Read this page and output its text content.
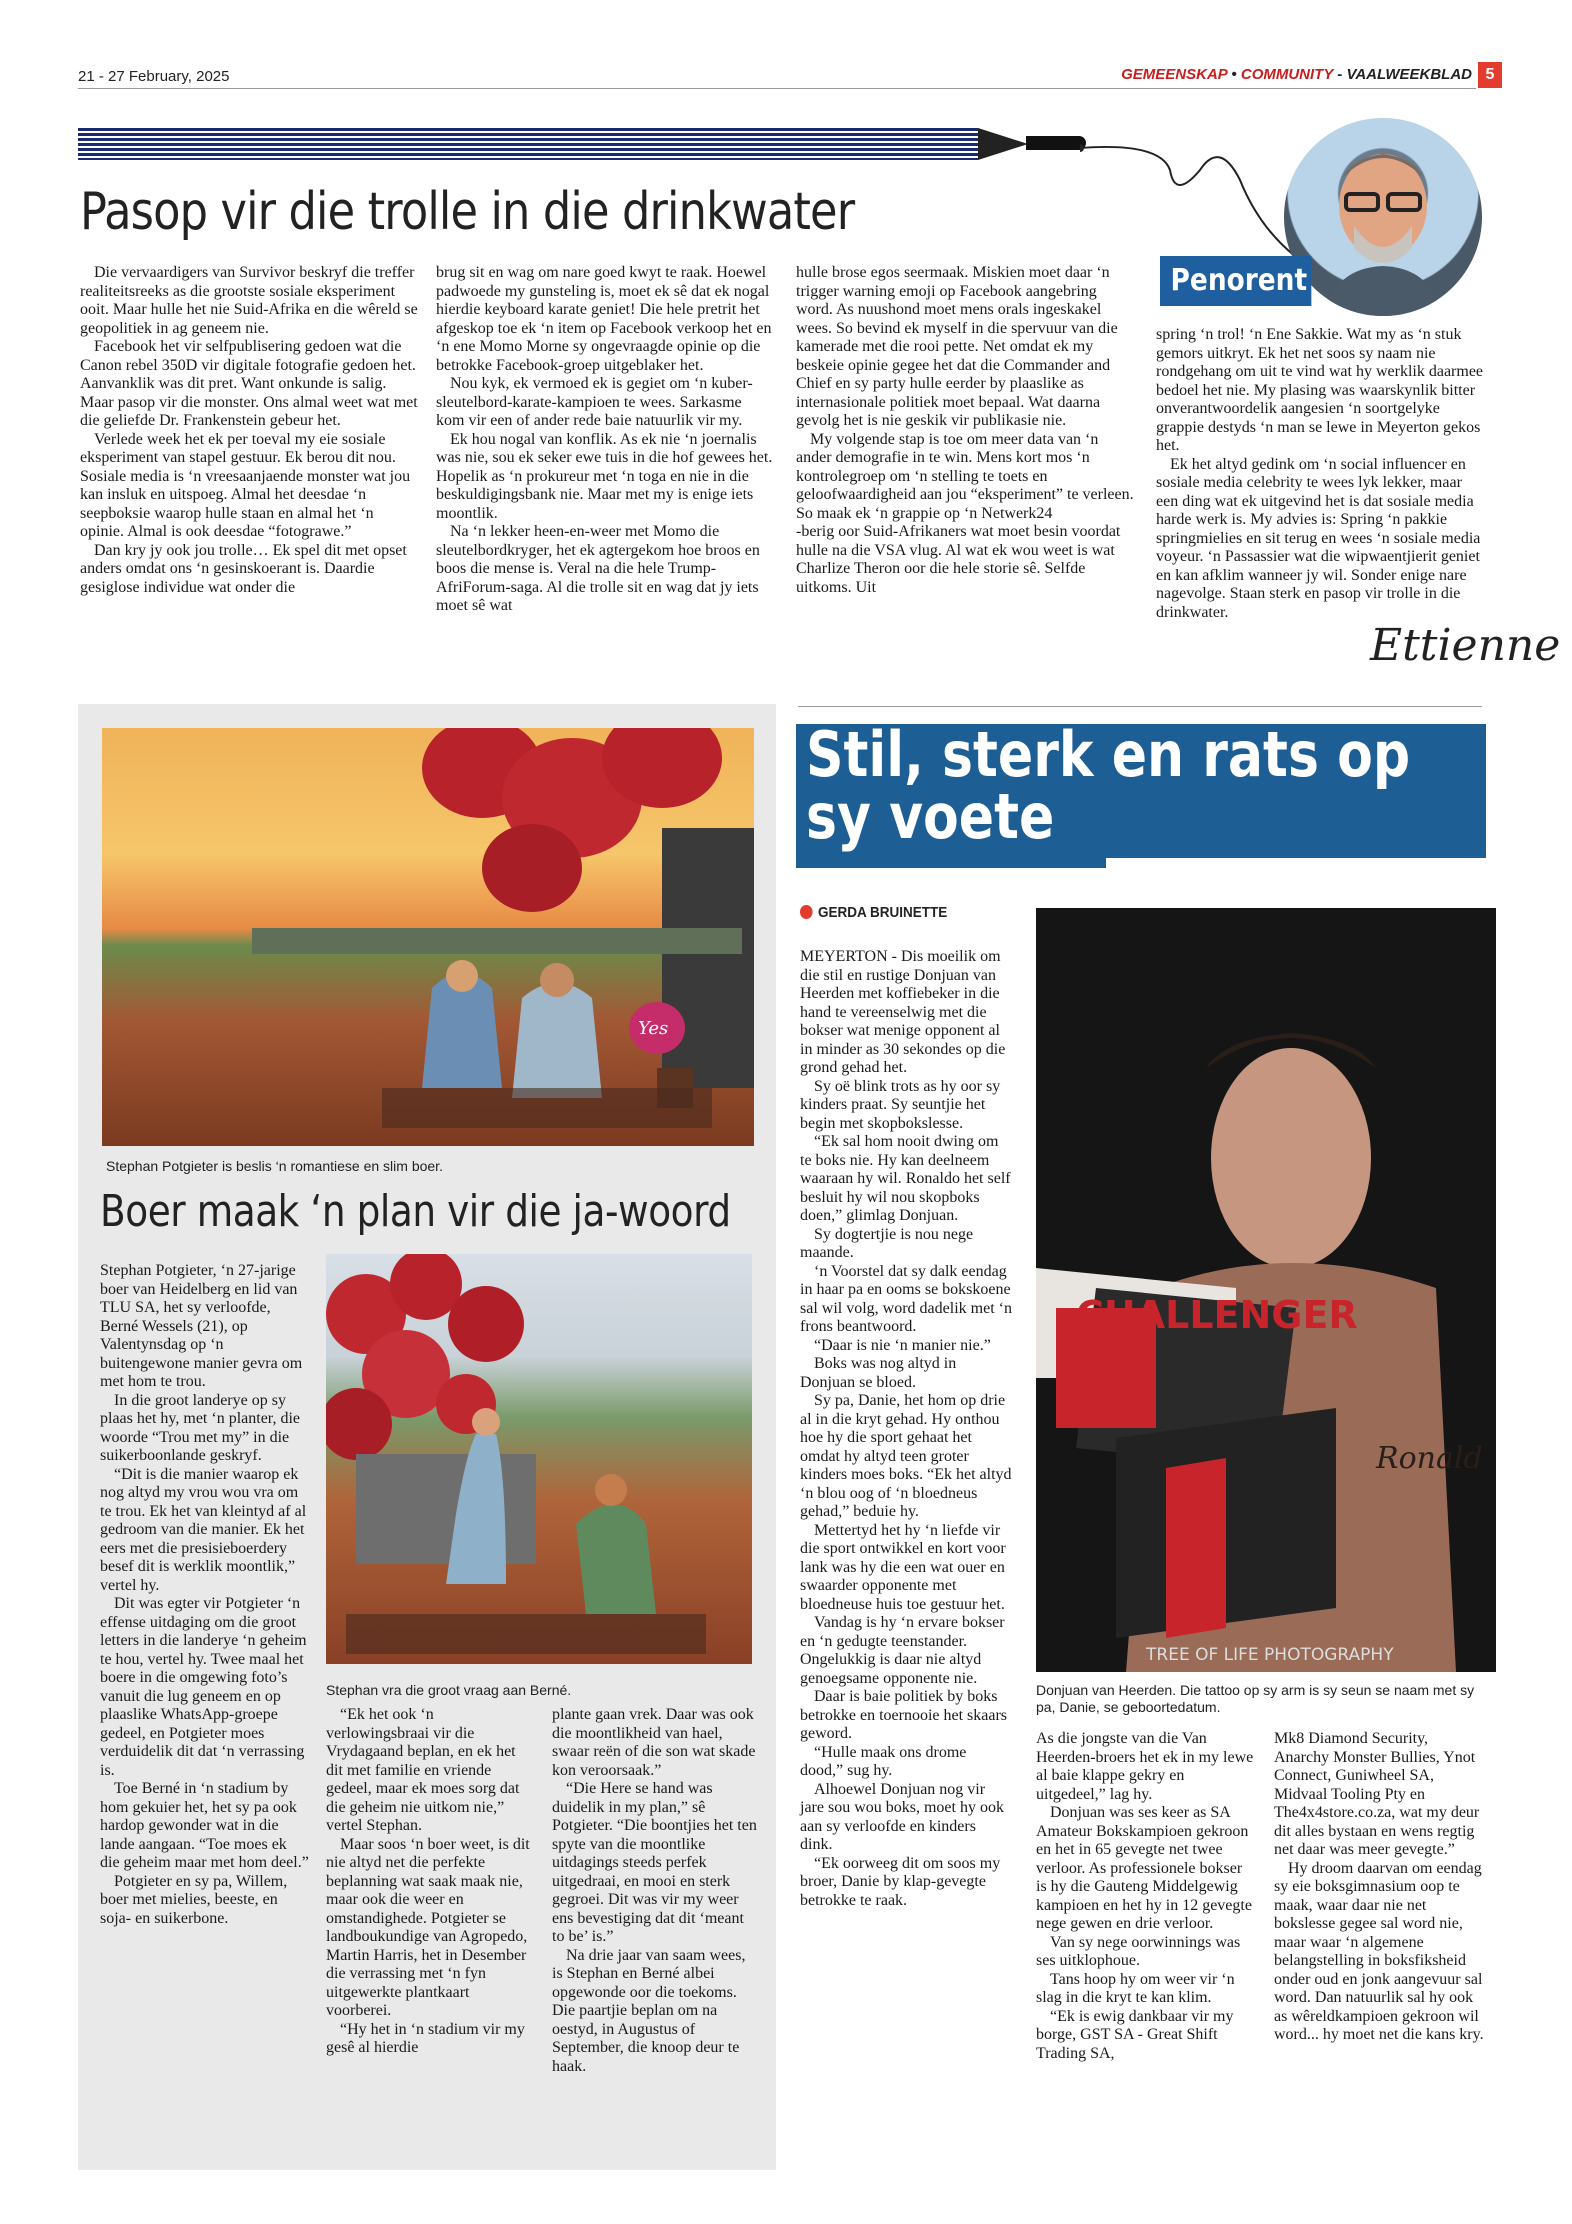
21 - 27 February, 2025	GEMEENSKAP • COMMUNITY - VAALWEEKBLAD 5
Pasop vir die trolle in die drinkwater
Penorent

Die vervaardigers van Survivor beskryf die treffer realiteitsreeks as die grootste sosiale eksperiment ooit. Maar hulle het nie Suid-Afrika en die wêreld se geopolitiek in ag geneem nie.

Facebook het vir selfpublisering gedoen wat die Canon rebel 350D vir digitale fotografie gedoen het. Aanvanklik was dit pret. Want onkunde is salig. Maar pasop vir die monster. Ons almal weet wat met die geliefde Dr. Frankenstein gebeur het.

Verlede week het ek per toeval my eie sosiale eksperiment van stapel gestuur. Ek berou dit nou. Sosiale media is ‘n vreesaanjaende monster wat jou kan insluk en uitspoeg. Almal het deesdae ‘n seepboksie waarop hulle staan en almal het ‘n opinie. Almal is ook deesdae “fotograwe.”

Dan kry jy ook jou trolle… Ek spel dit met opset anders omdat ons ‘n gesinskoerant is. Daardie gesiglose individue wat onder die

brug sit en wag om nare goed kwyt te raak. Hoewel padwoede my gunsteling is, moet ek sê dat ek nogal hierdie keyboard karate geniet! Die hele pretrit het afgeskop toe ek ‘n item op Facebook verkoop het en ‘n ene Momo Morne sy ongevraagde opinie op die betrokke Facebook-groep uitgeblaker het.

Nou kyk, ek vermoed ek is gegiet om ‘n kuber-sleutelbord-karate-kampioen te wees. Sarkasme kom vir een of ander rede baie natuurlik vir my.

Ek hou nogal van konflik. As ek nie ‘n joernalis was nie, sou ek seker ewe tuis in die hof gewees het. Hopelik as ‘n prokureur met ‘n toga en nie in die beskuldigingsbank nie. Maar met my is enige iets moontlik.

Na ‘n lekker heen-en-weer met Momo die sleutelbordkryger, het ek agtergekom hoe broos en boos die mense is. Veral na die hele Trump-AfriForum-saga. Al die trolle sit en wag dat jy iets moet sê wat

hulle brose egos seermaak. Miskien moet daar ‘n trigger warning emoji op Facebook aangebring word. As nuushond moet mens orals ingeskakel wees. So bevind ek myself in die spervuur van die kamerade met die rooi pette. Net omdat ek my beskeie opinie gegee het dat die Commander and Chief en sy party hulle eerder by plaaslike as internasionale politiek moet bepaal. Wat daarna gevolg het is nie geskik vir publikasie nie.

My volgende stap is toe om meer data van ‘n ander demografie in te win. Mens kort mos ‘n kontrolegroep om ‘n stelling te toets en geloofwaardigheid aan jou “eksperiment” te verleen. So maak ek ‘n grappie op ‘n Netwerk24

-berig oor Suid-Afrikaners wat moet besin voordat hulle na die VSA vlug. Al wat ek wou weet is wat Charlize Theron oor die hele storie sê. Selfde uitkoms. Uit

spring ‘n trol! ‘n Ene Sakkie. Wat my as ‘n stuk gemors uitkryt. Ek het net soos sy naam nie rondgehang om uit te vind wat hy werklik daarmee bedoel het nie. My plasing was waarskynlik bitter onverantwoordelik aangesien ‘n soortgelyke grappie destyds ‘n man se lewe in Meyerton gekos het.

Ek het altyd gedink om ‘n social influencer en sosiale media celebrity te wees lyk lekker, maar een ding wat ek uitgevind het is dat sosiale media harde werk is. My advies is: Spring ‘n pakkie springmielies en sit terug en wees ‘n sosiale media voyeur. ‘n Passassier wat die wipwaentjierit geniet en kan afklim wanneer jy wil. Sonder enige nare nagevolge. Staan sterk en pasop vir trolle in die drinkwater.

Ettienne
Yes
Stephan Potgieter is beslis ‘n romantiese en slim boer.
Boer maak ‘n plan vir die ja-woord

Stephan Potgieter, ‘n 27-jarige boer van Heidelberg en lid van TLU SA, het sy verloofde, Berné Wessels (21), op Valentynsdag op ‘n buitengewone manier gevra om met hom te trou.

In die groot landerye op sy plaas het hy, met ‘n planter, die woorde “Trou met my” in die suikerboonlande geskryf.

“Dit is die manier waarop ek nog altyd my vrou wou vra om te trou. Ek het van kleintyd af al gedroom van die manier. Ek het eers met die presisieboerdery besef dit is werklik moontlik,” vertel hy.

Dit was egter vir Potgieter ‘n effense uitdaging om die groot letters in die landerye ‘n geheim te hou, vertel hy. Twee maal het boere in die omgewing foto’s vanuit die lug geneem en op plaaslike WhatsApp-groepe gedeel, en Potgieter moes verduidelik dit dat ‘n verrassing is.

Toe Berné in ‘n stadium by hom gekuier het, het sy pa ook hardop gewonder wat in die lande aangaan. “Toe moes ek die geheim maar met hom deel.”

Potgieter en sy pa, Willem, boer met mielies, beeste, en soja- en suikerbone.

Stephan vra die groot vraag aan Berné.

“Ek het ook ‘n verlowingsbraai vir die Vrydagaand beplan, en ek het dit met familie en vriende gedeel, maar ek moes sorg dat die geheim nie uitkom nie,” vertel Stephan.

Maar soos ‘n boer weet, is dit nie altyd net die perfekte beplanning wat saak maak nie, maar ook die weer en omstandighede. Potgieter se landboukundige van Agropedo, Martin Harris, het in Desember die verrassing met ‘n fyn uitgewerkte plantkaart voorberei.

“Hy het in ‘n stadium vir my gesê al hierdie

plante gaan vrek. Daar was ook die moontlikheid van hael, swaar reën of die son wat skade kon veroorsaak.”

“Die Here se hand was duidelik in my plan,” sê Potgieter. “Die boontjies het ten spyte van die moontlike uitdagings steeds perfek uitgedraai, en mooi en sterk gegroei. Dit was vir my weer ens bevestiging dat dit ‘meant to be’ is.”

Na drie jaar van saam wees, is Stephan en Berné albei opgewonde oor die toekoms. Die paartjie beplan om na oestyd, in Augustus of September, die knoop deur te haak.

Stil, sterk en rats op
sy voete
GERDA BRUINETTE

MEYERTON - Dis moeilik om die stil en rustige Donjuan van Heerden met koffiebeker in die hand te vereenselwig met die bokser wat menige opponent al in minder as 30 sekondes op die grond gehad het.

Sy oë blink trots as hy oor sy kinders praat. Sy seuntjie het begin met skopbokslesse.

“Ek sal hom nooit dwing om te boks nie. Hy kan deelneem waaraan hy wil. Ronaldo het self besluit hy wil nou skopboks doen,” glimlag Donjuan.

Sy dogtertjie is nou nege maande.

‘n Voorstel dat sy dalk eendag in haar pa en ooms se bokskoene sal wil volg, word dadelik met ‘n frons beantwoord.

“Daar is nie ‘n manier nie.”

Boks was nog altyd in Donjuan se bloed.

Sy pa, Danie, het hom op drie al in die kryt gehad. Hy onthou hoe hy die sport gehaat het omdat hy altyd teen groter kinders moes boks. “Ek het altyd ‘n blou oog of ‘n bloedneus gehad,” beduie hy.

Mettertyd het hy ‘n liefde vir die sport ontwikkel en kort voor lank was hy die een wat ouer en swaarder opponente met bloedneuse huis toe gestuur het.

Vandag is hy ‘n ervare bokser en ‘n gedugte teenstander. Ongelukkig is daar nie altyd genoegsame opponente nie.

Daar is baie politiek by boks betrokke en toernooie het skaars geword.

“Hulle maak ons drome dood,” sug hy.

Alhoewel Donjuan nog vir jare sou wou boks, moet hy ook aan sy verloofde en kinders dink.

“Ek oorweeg dit om soos my broer, Danie by klap-gevegte betrokke te raak.

CHALLENGER
Ronald
TREE OF LIFE PHOTOGRAPHY
Donjuan van Heerden. Die tattoo op sy arm is sy seun se naam met sy pa, Danie, se geboortedatum.

As die jongste van die Van Heerden-broers het ek in my lewe al baie klappe gekry en uitgedeel,” lag hy.

Donjuan was ses keer as SA Amateur Bokskampioen gekroon en het in 65 gevegte net twee verloor. As professionele bokser is hy die Gauteng Middelgewig kampioen en het hy in 12 gevegte nege gewen en drie verloor.

Van sy nege oorwinnings was ses uitklophoue.

Tans hoop hy om weer vir ‘n slag in die kryt te kan klim.

“Ek is ewig dankbaar vir my borge, GST SA - Great Shift Trading SA,

Mk8 Diamond Security, Anarchy Monster Bullies, Ynot Connect, Guniwheel SA, Midvaal Tooling Pty en The4x4store.co.za, wat my deur dit alles bystaan en wens regtig net daar was meer gevegte.”

Hy droom daarvan om eendag sy eie boksgimnasium oop te maak, waar daar nie net bokslesse gegee sal word nie, maar waar ‘n algemene belangstelling in boksfiksheid onder oud en jonk aangevuur sal word. Dan natuurlik sal hy ook as wêreldkampioen gekroon wil word... hy moet net die kans kry.
